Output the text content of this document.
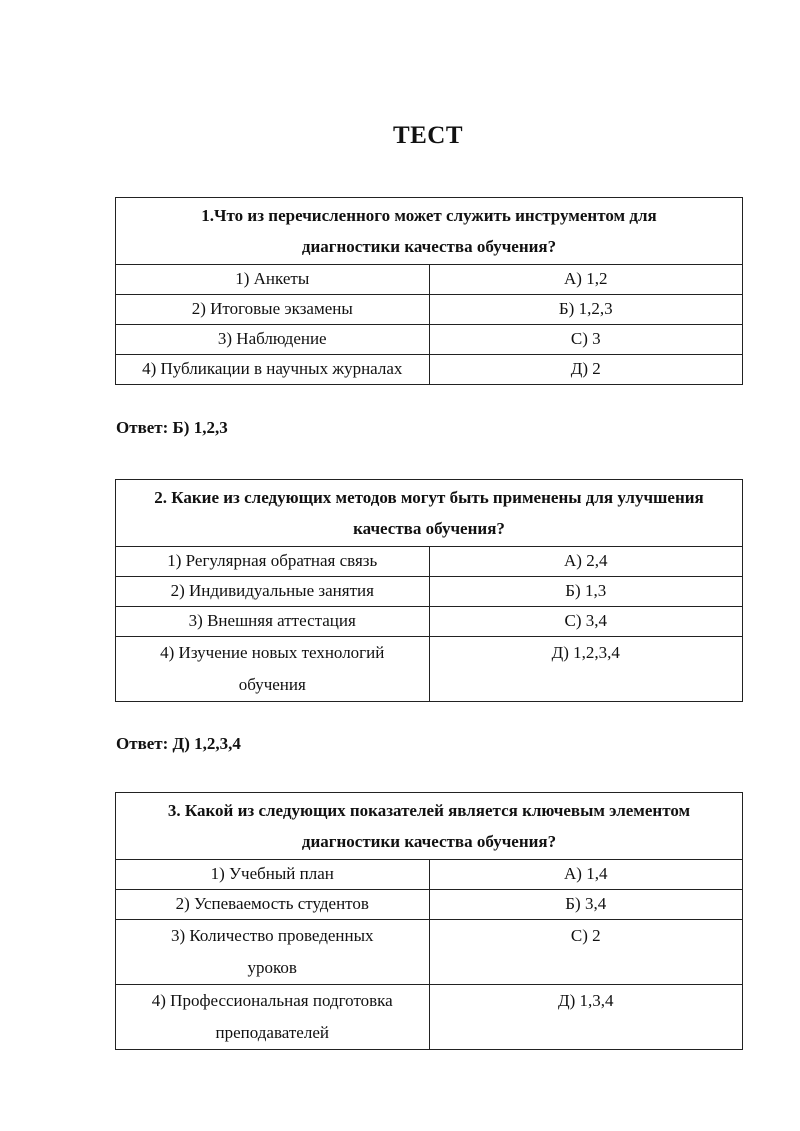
ТЕСТ
1.Что из перечисленного может служить инструментом для
диагностики качества обучения?	
1) Анкеты	А) 1,2
2) Итоговые экзамены	Б) 1,2,3
3) Наблюдение	С) 3
4) Публикации в научных журналах	Д) 2
Ответ: Б) 1,2,3
2. Какие из следующих методов могут быть применены для улучшения
качества обучения?	
1) Регулярная обратная связь	А) 2,4
2) Индивидуальные занятия	Б) 1,3
3) Внешняя аттестация	С) 3,4
4) Изучение новых технологий
обучения	Д) 1,2,3,4
Ответ: Д) 1,2,3,4
3. Какой из следующих показателей является ключевым элементом
диагностики качества обучения?	
1) Учебный план	А) 1,4
2) Успеваемость студентов	Б) 3,4
3) Количество проведенных
уроков	С) 2
4) Профессиональная подготовка
преподавателей	Д) 1,3,4
